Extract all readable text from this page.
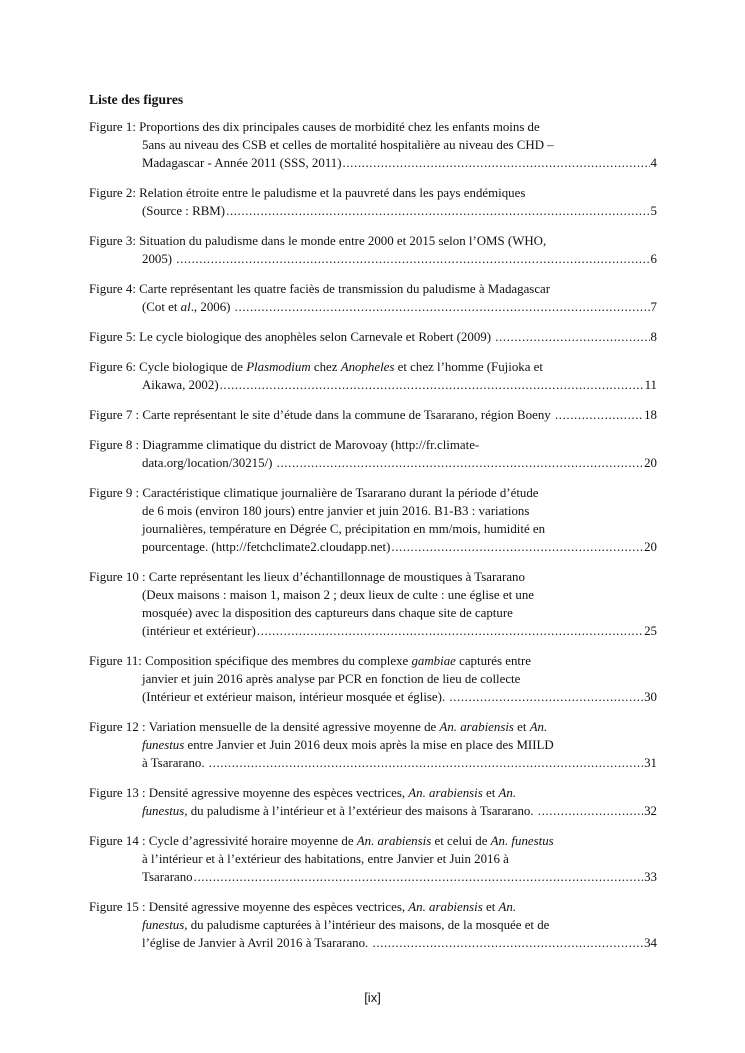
Liste des figures
Figure 1: Proportions des dix principales causes de morbidité chez les enfants moins de
5ans au niveau des CSB et celles de mortalité hospitalière au niveau des CHD –
Madagascar - Année 2011 (SSS, 2011) .....	4
Figure 2: Relation étroite entre le paludisme et la pauvreté dans les pays endémiques
(Source : RBM) .....	5
Figure 3: Situation du paludisme dans le monde entre 2000 et 2015 selon l’OMS (WHO,
2005) .....	6
Figure 4: Carte représentant les quatre faciès de transmission du paludisme à Madagascar
(Cot et al., 2006) .....	7
Figure 5: Le cycle biologique des anophèles selon Carnevale et Robert (2009) .....	8
Figure 6: Cycle biologique de Plasmodium chez Anopheles et chez l’homme (Fujioka et
Aikawa, 2002) .....	11
Figure 7 : Carte représentant le site d’étude dans la commune de Tsararano, région Boeny .....	18
Figure 8 : Diagramme climatique du district de Marovoay (http://fr.climate-
data.org/location/30215/) .....	20
Figure 9 : Caractéristique climatique journalière de Tsararano durant la période d’étude
de 6 mois (environ 180 jours) entre janvier et juin 2016. B1-B3 : variations
journalières, température en Dégrée C, précipitation en mm/mois, humidité en
pourcentage. (http://fetchclimate2.cloudapp.net) .....	20
Figure 10 : Carte représentant les lieux d’échantillonnage de moustiques à Tsararano
(Deux maisons : maison 1, maison 2 ; deux lieux de culte : une église et une
mosquée) avec la disposition des captureurs dans chaque site de capture
(intérieur et extérieur) .....	25
Figure 11: Composition spécifique des membres du complexe gambiae capturés entre
janvier et juin 2016 après analyse par PCR en fonction de lieu de collecte
(Intérieur et extérieur maison, intérieur mosquée et église). .....	30
Figure 12 : Variation mensuelle de la densité agressive moyenne de An. arabiensis et An.
funestus entre Janvier et Juin 2016 deux mois après la mise en place des MIILD
à Tsararano. .....	31
Figure 13 : Densité agressive moyenne des espèces vectrices, An. arabiensis et An.
funestus, du paludisme à l’intérieur et à l’extérieur des maisons à Tsararano. .....	32
Figure 14 : Cycle d’agressivité horaire moyenne de An. arabiensis et celui de An. funestus
à l’intérieur et à l’extérieur des habitations, entre Janvier et Juin 2016 à
Tsararano .....	33
Figure 15 : Densité agressive moyenne des espèces vectrices, An. arabiensis et An.
funestus, du paludisme capturées à l’intérieur des maisons, de la mosquée et de
l’église de Janvier à Avril 2016 à Tsararano. .....	34
[ix]
